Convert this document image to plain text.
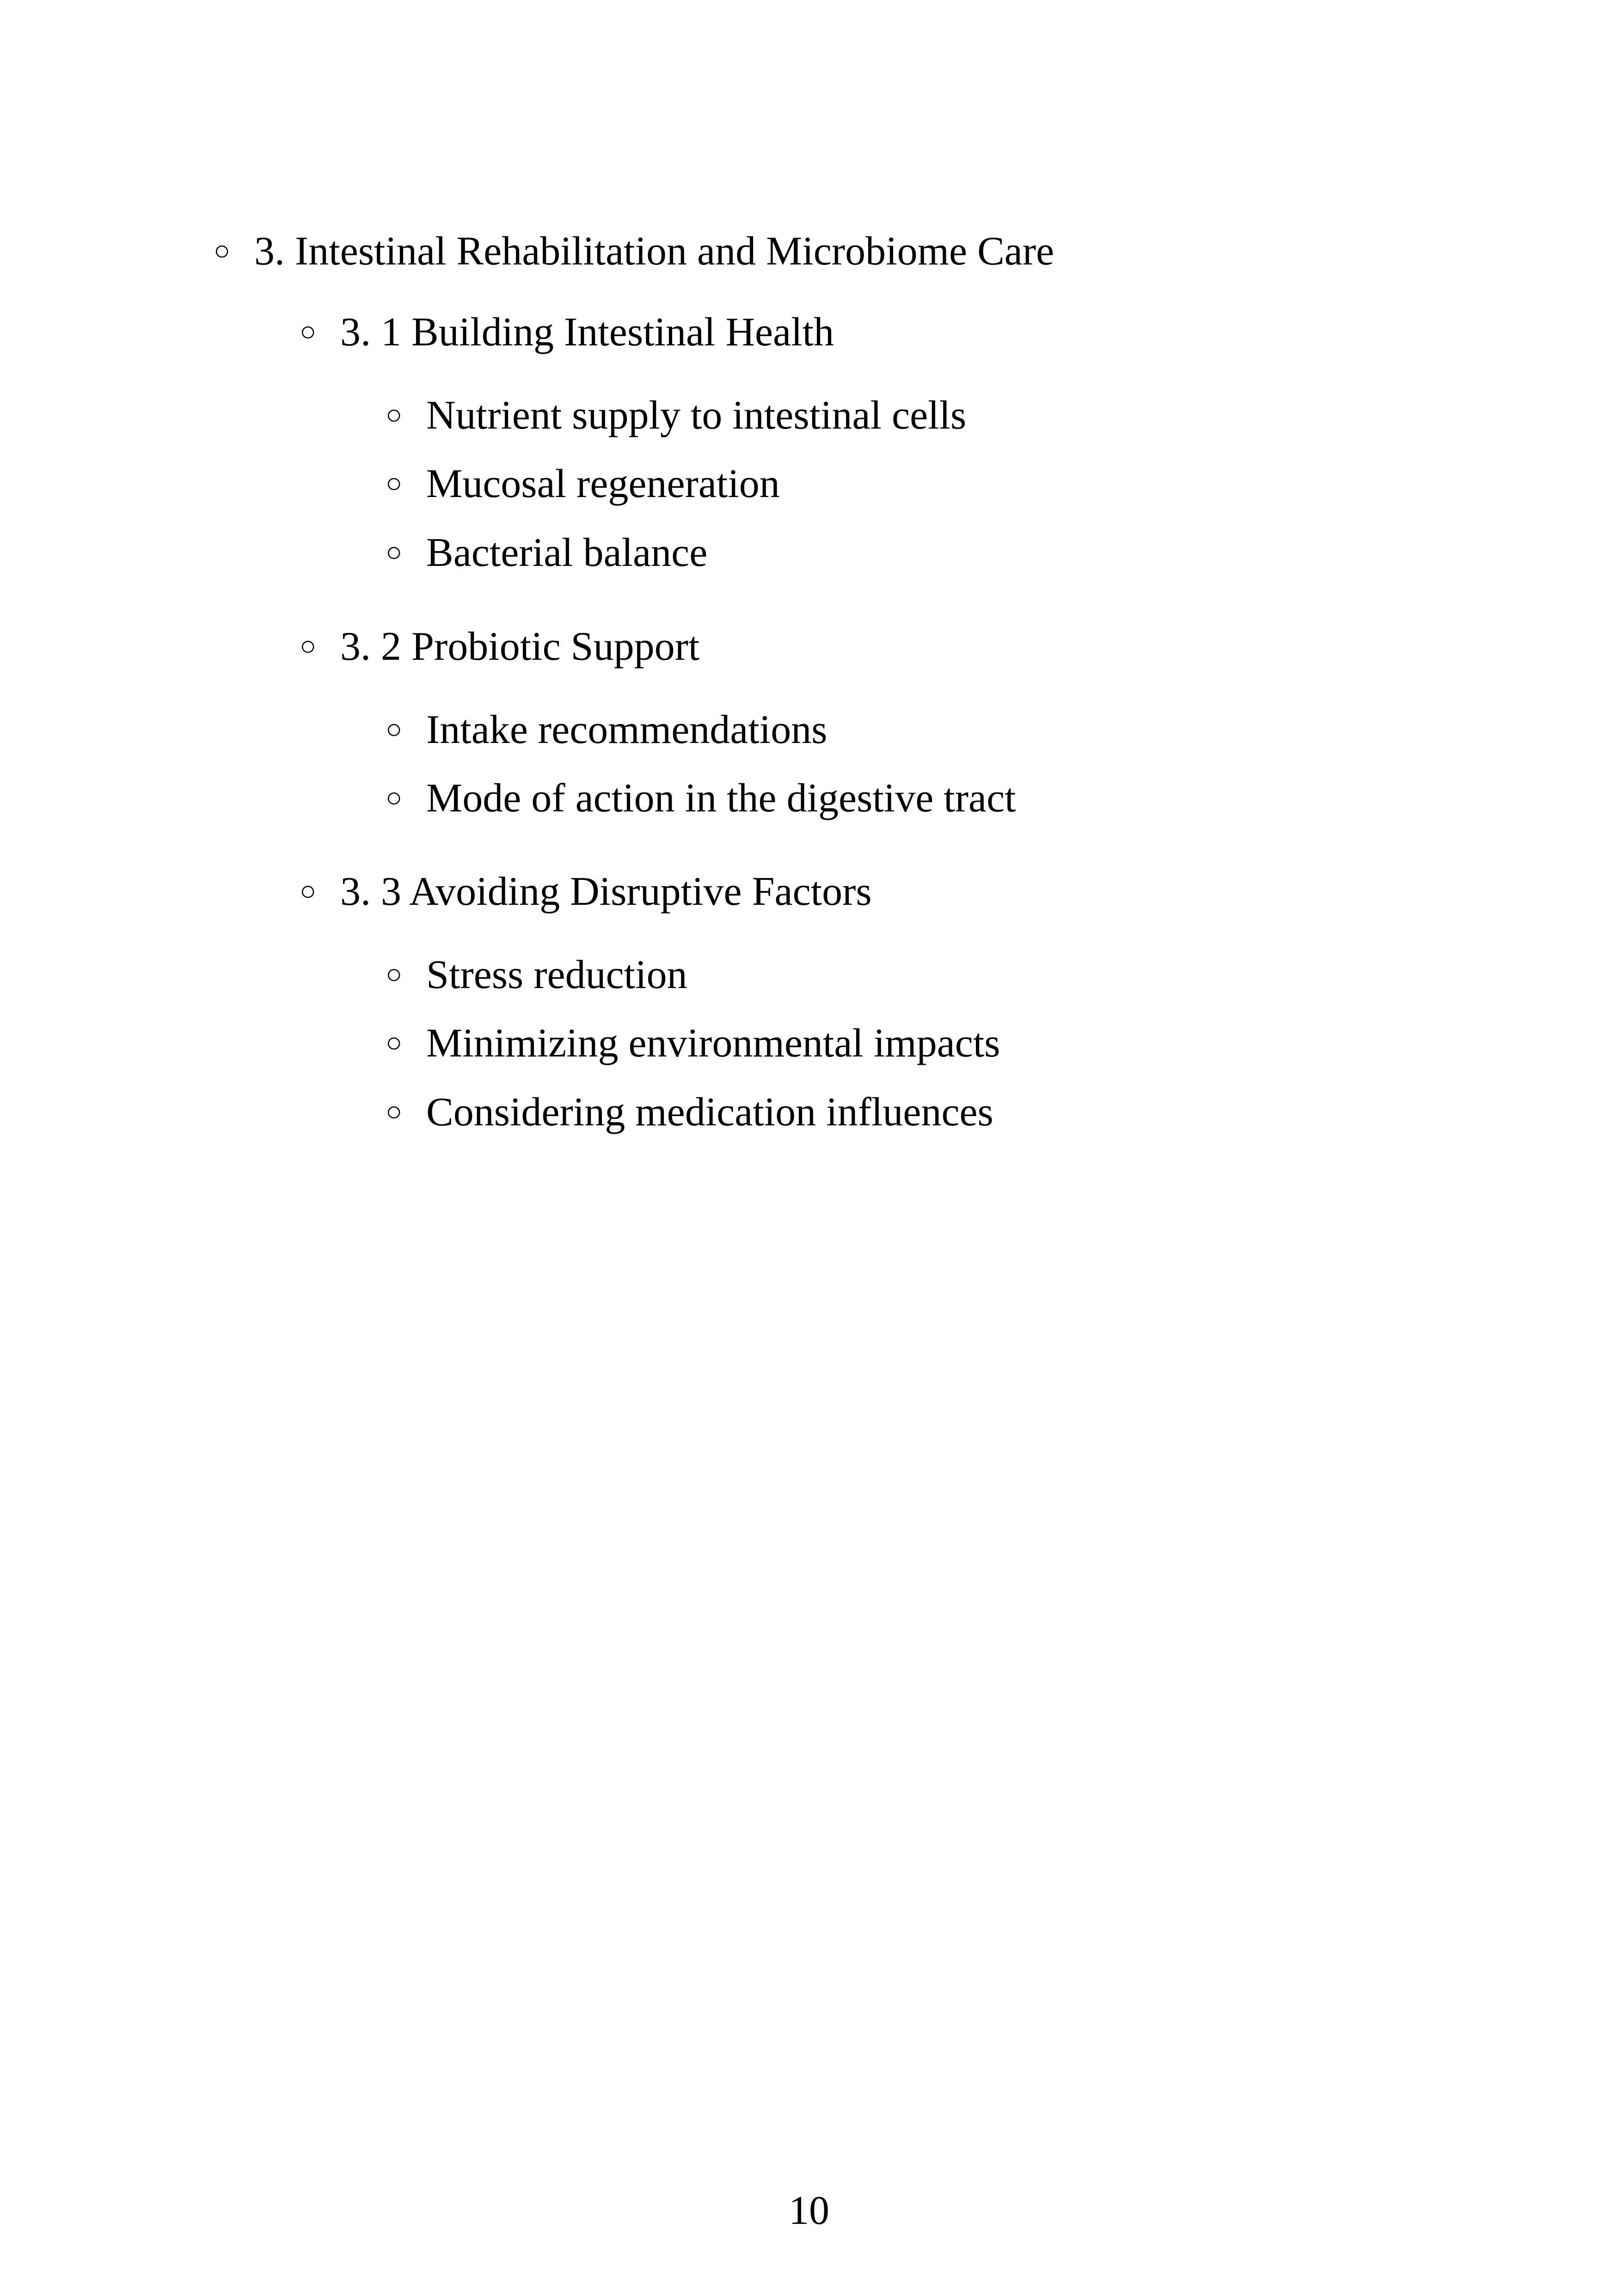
○ 3. Intestinal Rehabilitation and Microbiome Care
○ 3. 1 Building Intestinal Health
○ Nutrient supply to intestinal cells
○ Mucosal regeneration
○ Bacterial balance
○ 3. 2 Probiotic Support
○ Intake recommendations
○ Mode of action in the digestive tract
○ 3. 3 Avoiding Disruptive Factors
○ Stress reduction
○ Minimizing environmental impacts
○ Considering medication influences
10
